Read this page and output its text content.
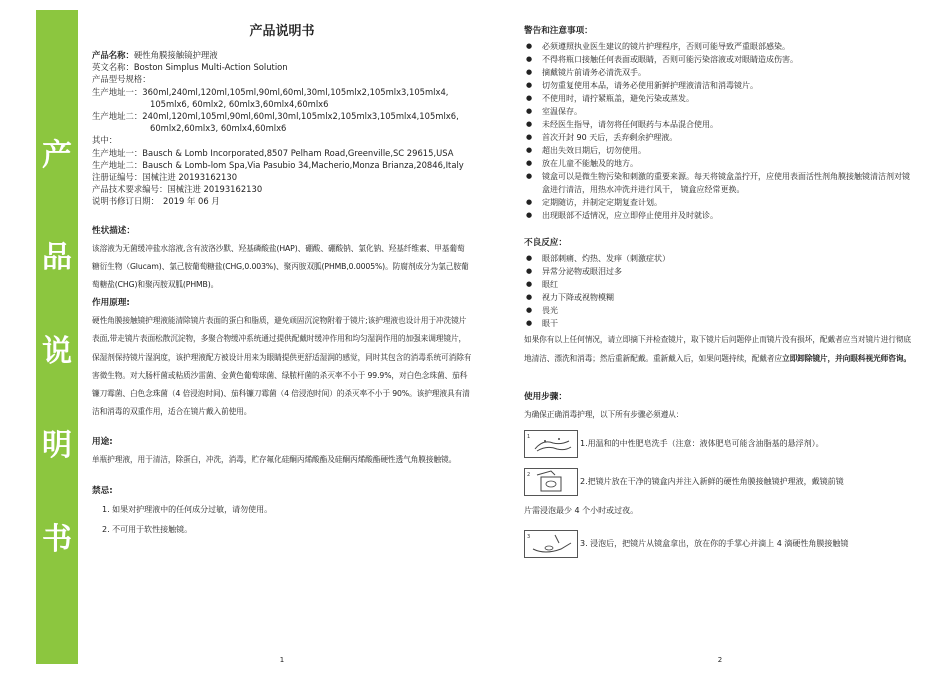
产
品
说
明
书
产品说明书
产品名称：硬性角膜接触镜护理液
英文名称：Boston Simplus Multi-Action Solution
产品型号规格：
生产地址一：360ml,240ml,120ml,105ml,90ml,60ml,30ml,105mlx2,105mlx3,105mlx4,
105mlx6, 60mlx2, 60mlx3,60mlx4,60mlx6
生产地址二：240ml,120ml,105ml,90ml,60ml,30ml,105mlx2,105mlx3,105mlx4,105mlx6,
60mlx2,60mlx3, 60mlx4,60mlx6
其中：
生产地址一：Bausch & Lomb Incorporated,8507 Pelham Road,Greenville,SC 29615,USA
生产地址二：Bausch & Lomb-lom Spa,Via Pasubio 34,Macherio,Monza Brianza,20846,Italy
注册证编号：国械注进 20193162130
产品技术要求编号：国械注进 20193162130
说明书修订日期： 2019 年 06 月
性状描述：
该溶液为无菌缓冲盐水溶液,含有波洛沙默、羟基磷酸盐(HAP)、硼酸、硼酸钠、氯化钠、羟基纤维素、甲基葡萄糖衍生物（Glucam)、氯己胺葡萄糖盐(CHG,0.003%)、聚丙胺双胍(PHMB,0.0005%)。防腐剂成分为氯己胺葡萄糖盐(CHG)和聚丙胺双胍(PHMB)。
作用原理:
硬性角膜接触镜护理液能清除镜片表面的蛋白和脂质，避免顽固沉淀物附着于镜片;该护理液也设计用于冲洗镜片表面,带走镜片表面松散沉淀物，多聚合物缓冲系统通过提供配戴时缓冲作用和均匀湿润作用的加强来调理镜片，保湿剂保持镜片湿润度，该护理液配方被设计用来为眼睛提供更舒适湿润的感觉，同时其包含的消毒系统可消除有害微生物。对大肠杆菌或粘质沙雷菌、金黄色葡萄球菌、绿脓杆菌的杀灭率不小于 99.9%，对白色念珠菌、茄科镰刀霉菌、白色念珠菌（4 倍浸泡时间)、茄科镰刀霉菌（4 倍浸泡时间）的杀灭率不小于 90%。该护理液具有清洁和消毒的双重作用，适合在镜片戴入前使用。
用途:
单瓶护理液，用于清洁，除蛋白，冲洗，消毒，贮存氟化硅酮丙烯酸酯及硅酮丙烯酸酯硬性透气角膜接触镜。
禁忌:
1. 如果对护理液中的任何成分过敏，请勿使用。
2. 不可用于软性接触镜。
1
警告和注意事项：
● 必须遵照执业医生建议的镜片护理程序，否则可能导致严重眼部感染。
● 不得将瓶口接触任何表面或眼睛，否则可能污染溶液或对眼睛造成伤害。
● 摘戴镜片前请务必清洗双手。
● 切勿重复使用本品，请务必使用新鲜护理液清洁和消毒镜片。
● 不使用时，请拧紧瓶盖，避免污染或蒸发。
● 室温保存。
● 未经医生指导，请勿将任何眼药与本品混合使用。
● 首次开封 90 天后，丢弃剩余护理液。
● 超出失效日期后，切勿使用。
● 放在儿童不能触及的地方。
● 镜盒可以是微生物污染和刺激的重要来源。每天将镜盒盖拧开，应使用表面活性剂角膜接触镜清洁剂对镜盒进行清洁，用热水冲洗并进行风干， 镜盒应经常更换。
● 定期随访，并制定定期复查计划。
● 出现眼部不适情况，应立即停止使用并及时就诊。
不良反应：
● 眼部刺痛、灼热、发痒（刺激症状）
● 异常分泌物或眼泪过多
● 眼红
● 视力下降或视物模糊
● 畏光
● 眼干
如果你有以上任何情况，请立即摘下并检查镜片，取下镜片后问题停止而镜片没有损坏，配戴者应当对镜片进行彻底地清洁、漂洗和消毒；然后重新配戴。重新戴入后，如果问题持续，配戴者应立即卸除镜片，并向眼科视光师咨询。
使用步骤：
为确保正确消毒护理，以下所有步骤必须遵从：
1
1.用温和的中性肥皂洗手（注意：液体肥皂可能含油脂基的悬浮剂）。
2
2.把镜片放在干净的镜盒内并注入新鲜的硬性角膜接触镜护理液，戴镜前镜
片需浸泡最少 4 个小时或过夜。
3
3. 浸泡后，把镜片从镜盒拿出，放在你的手掌心并滴上 4 滴硬性角膜接触镜
2
